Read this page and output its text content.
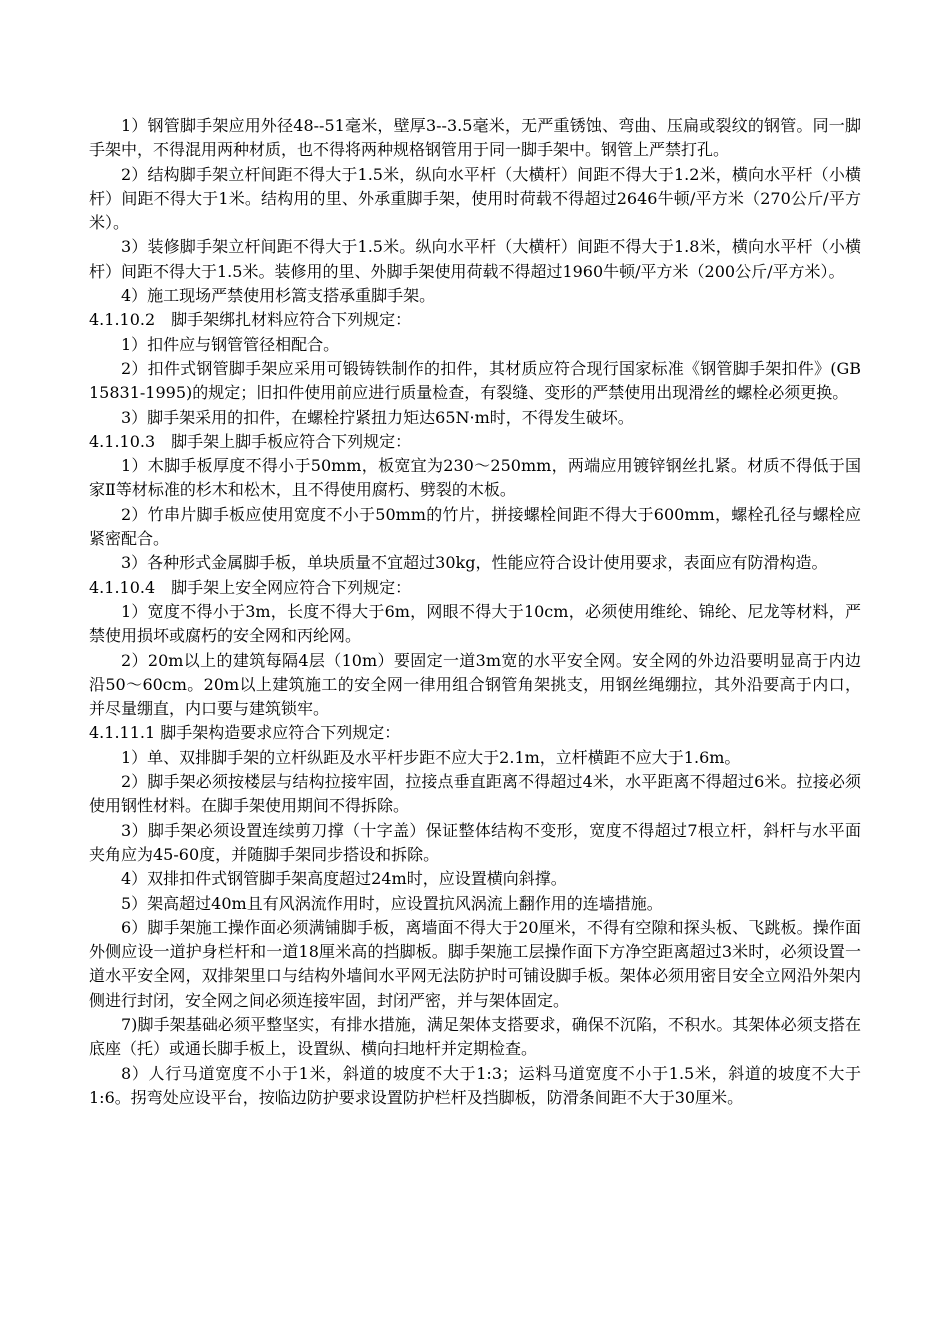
1）钢管脚手架应用外径48--51毫米，壁厚3--3.5毫米，无严重锈蚀、弯曲、压扁或裂纹的钢管。同一脚手架中，不得混用两种材质，也不得将两种规格钢管用于同一脚手架中。钢管上严禁打孔。

2）结构脚手架立杆间距不得大于1.5米，纵向水平杆（大横杆）间距不得大于1.2米，横向水平杆（小横杆）间距不得大于1米。结构用的里、外承重脚手架，使用时荷载不得超过2646牛顿/平方米（270公斤/平方米）。

3）装修脚手架立杆间距不得大于1.5米。纵向水平杆（大横杆）间距不得大于1.8米，横向水平杆（小横杆）间距不得大于1.5米。装修用的里、外脚手架使用荷载不得超过1960牛顿/平方米（200公斤/平方米）。

4）施工现场严禁使用杉篙支搭承重脚手架。

4.1.10.2　脚手架绑扎材料应符合下列规定：

1）扣件应与钢管管径相配合。

2）扣件式钢管脚手架应采用可锻铸铁制作的扣件，其材质应符合现行国家标准《钢管脚手架扣件》(GB 15831-1995)的规定；旧扣件使用前应进行质量检查，有裂缝、变形的严禁使用出现滑丝的螺栓必须更换。

3）脚手架采用的扣件，在螺栓拧紧扭力矩达65N·m时，不得发生破坏。

4.1.10.3　脚手架上脚手板应符合下列规定：

1）木脚手板厚度不得小于50mm，板宽宜为230～250mm，两端应用镀锌钢丝扎紧。材质不得低于国家Ⅱ等材标准的杉木和松木，且不得使用腐朽、劈裂的木板。

2）竹串片脚手板应使用宽度不小于50mm的竹片，拼接螺栓间距不得大于600mm，螺栓孔径与螺栓应紧密配合。

3）各种形式金属脚手板，单块质量不宜超过30kg，性能应符合设计使用要求，表面应有防滑构造。

4.1.10.4　脚手架上安全网应符合下列规定：

1）宽度不得小于3m，长度不得大于6m，网眼不得大于10cm，必须使用维纶、锦纶、尼龙等材料，严禁使用损坏或腐朽的安全网和丙纶网。

2）20m以上的建筑每隔4层（10m）要固定一道3m宽的水平安全网。安全网的外边沿要明显高于内边沿50～60cm。20m以上建筑施工的安全网一律用组合钢管角架挑支，用钢丝绳绷拉，其外沿要高于内口，并尽量绷直，内口要与建筑锁牢。

4.1.11.1 脚手架构造要求应符合下列规定：

1）单、双排脚手架的立杆纵距及水平杆步距不应大于2.1m，立杆横距不应大于1.6m。

2）脚手架必须按楼层与结构拉接牢固，拉接点垂直距离不得超过4米，水平距离不得超过6米。拉接必须使用钢性材料。在脚手架使用期间不得拆除。

3）脚手架必须设置连续剪刀撑（十字盖）保证整体结构不变形，宽度不得超过7根立杆，斜杆与水平面夹角应为45-60度，并随脚手架同步搭设和拆除。

4）双排扣件式钢管脚手架高度超过24m时，应设置横向斜撑。

5）架高超过40m且有风涡流作用时，应设置抗风涡流上翻作用的连墙措施。

6）脚手架施工操作面必须满铺脚手板，离墙面不得大于20厘米，不得有空隙和探头板、飞跳板。操作面外侧应设一道护身栏杆和一道18厘米高的挡脚板。脚手架施工层操作面下方净空距离超过3米时，必须设置一道水平安全网，双排架里口与结构外墙间水平网无法防护时可铺设脚手板。架体必须用密目安全立网沿外架内侧进行封闭，安全网之间必须连接牢固，封闭严密，并与架体固定。

7)脚手架基础必须平整坚实，有排水措施，满足架体支搭要求，确保不沉陷，不积水。其架体必须支搭在底座（托）或通长脚手板上，设置纵、横向扫地杆并定期检查。

8）人行马道宽度不小于1米，斜道的坡度不大于1:3；运料马道宽度不小于1.5米，斜道的坡度不大于1:6。拐弯处应设平台，按临边防护要求设置防护栏杆及挡脚板，防滑条间距不大于30厘米。
